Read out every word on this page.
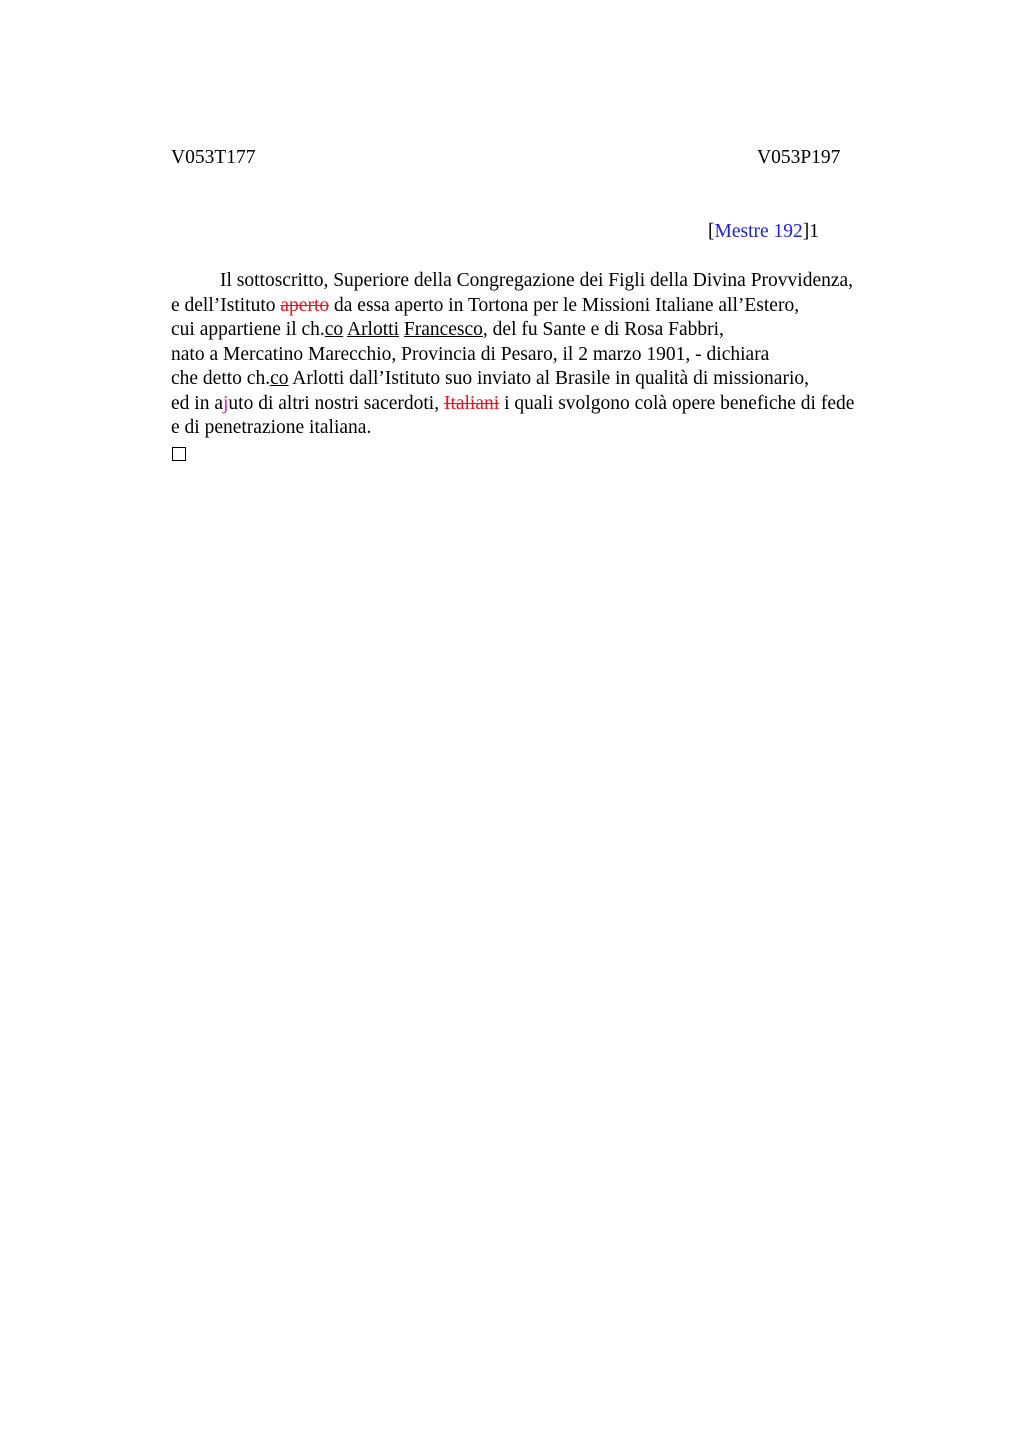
V053T177	V053P197
[Mestre 192]1
Il sottoscritto, Superiore della Congregazione dei Figli della Divina Provvidenza,
e dell’Istituto aperto da essa aperto in Tortona per le Missioni Italiane all’Estero,
cui appartiene il ch.co Arlotti Francesco, del fu Sante e di Rosa Fabbri,
nato a Mercatino Marecchio, Provincia di Pesaro, il 2 marzo 1901, - dichiara
che detto ch.co Arlotti dall’Istituto suo inviato al Brasile in qualità di missionario,
ed in ajuto di altri nostri sacerdoti, Italiani i quali svolgono colà opere benefiche di fede
e di penetrazione italiana.
